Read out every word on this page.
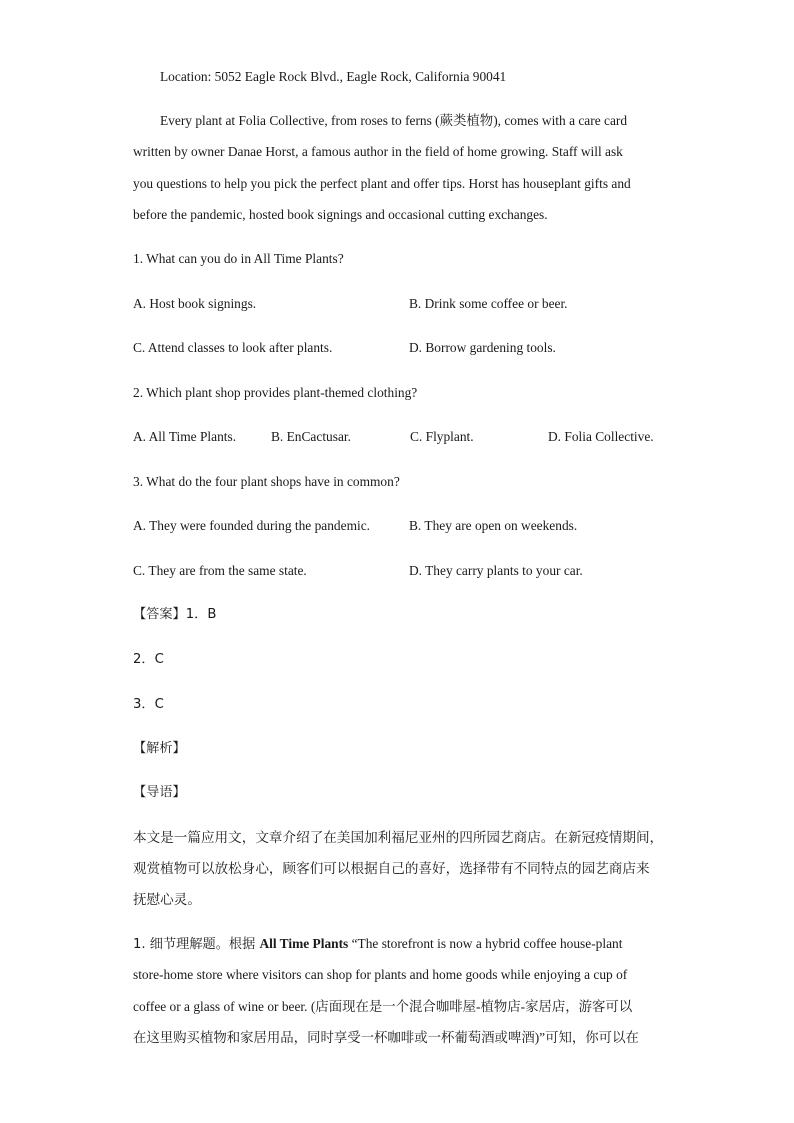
Location: 5052 Eagle Rock Blvd., Eagle Rock, California 90041
Every plant at Folia Collective, from roses to ferns (蕨类植物), comes with a care card
written by owner Danae Horst, a famous author in the field of home growing. Staff will ask
you questions to help you pick the perfect plant and offer tips. Horst has houseplant gifts and
before the pandemic, hosted book signings and occasional cutting exchanges.
1. What can you do in All Time Plants?
A. Host book signings.	B. Drink some coffee or beer.
C. Attend classes to look after plants.	D. Borrow gardening tools.
2. Which plant shop provides plant-themed clothing?
A. All Time Plants.	B. EnCactusar.	C. Flyplant.	D. Folia Collective.
3. What do the four plant shops have in common?
A. They were founded during the pandemic.	B. They are open on weekends.
C. They are from the same state.	D. They carry plants to your car.
【答案】1．B
2．C
3．C
【解析】
【导语】
本文是一篇应用文，文章介绍了在美国加利福尼亚州的四所园艺商店。在新冠疫情期间，
观赏植物可以放松身心，顾客们可以根据自己的喜好，选择带有不同特点的园艺商店来
抚慰心灵。
1. 细节理解题。根据 All Time Plants “The storefront is now a hybrid coffee house-plant
store-home store where visitors can shop for plants and home goods while enjoying a cup of
coffee or a glass of wine or beer. (店面现在是一个混合咖啡屋-植物店-家居店，游客可以
在这里购买植物和家居用品，同时享受一杯咖啡或一杯葡萄酒或啤酒)”可知，你可以在
